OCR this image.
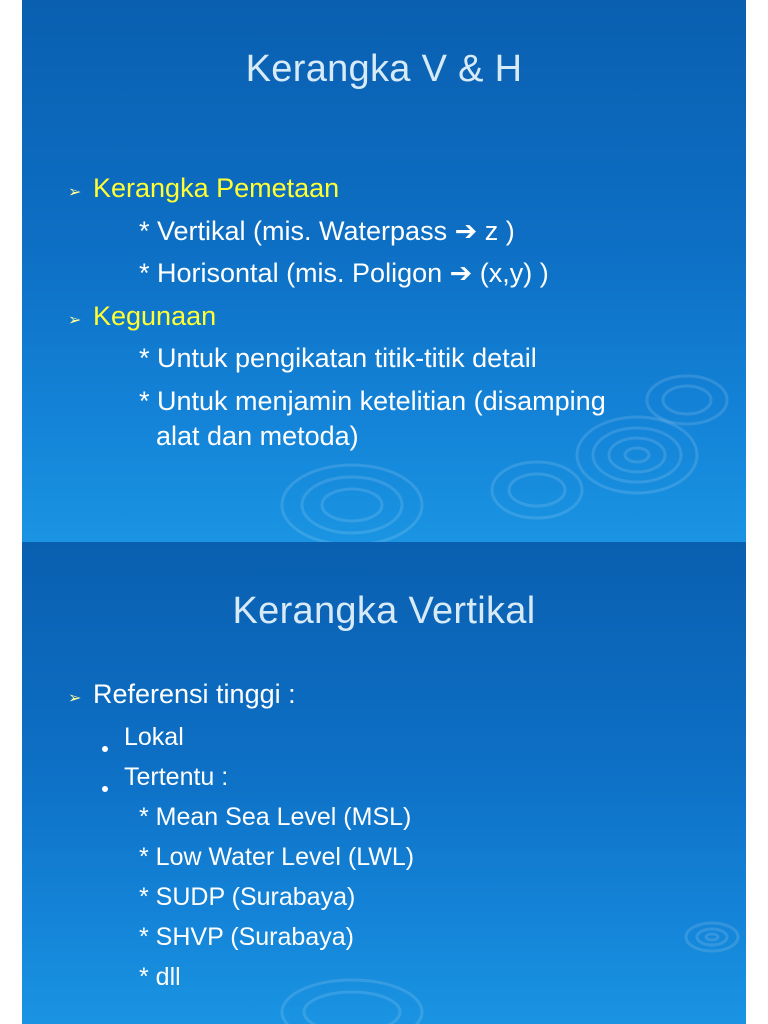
Kerangka V & H
➢ Kerangka Pemetaan
* Vertikal (mis. Waterpass ➔ z )
* Horisontal (mis. Poligon ➔ (x,y) )
➢ Kegunaan
* Untuk pengikatan titik-titik detail
* Untuk menjamin ketelitian (disamping
alat dan metoda)
Kerangka Vertikal
➢ Referensi tinggi :
Lokal
Tertentu :
* Mean Sea Level (MSL)
* Low Water Level (LWL)
* SUDP (Surabaya)
* SHVP (Surabaya)
* dll
